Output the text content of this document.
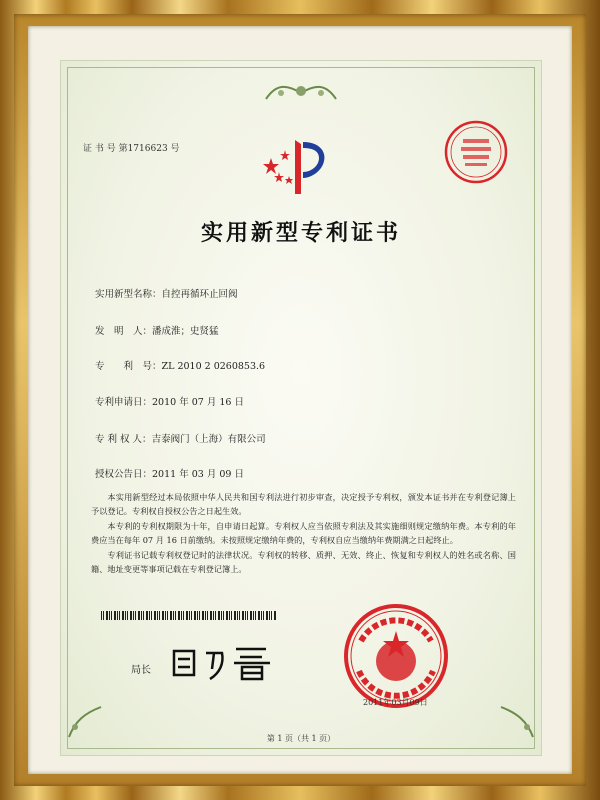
证 书 号 第1716623 号
实用新型专利证书
实用新型名称：自控再循环止回阀
发　明　人：潘成淮；史贤猛
专　　利　号：ZL 2010 2 0260853.6
专利申请日：2010 年 07 月 16 日
专 利 权 人：吉泰阀门（上海）有限公司
授权公告日：2011 年 03 月 09 日

本实用新型经过本局依照中华人民共和国专利法进行初步审查，决定授予专利权，颁发本证书并在专利登记簿上予以登记。专利权自授权公告之日起生效。

本专利的专利权期限为十年，自申请日起算。专利权人应当依照专利法及其实施细则规定缴纳年费。本专利的年费应当在每年 07 月 16 日前缴纳。未按照规定缴纳年费的，专利权自应当缴纳年费期满之日起终止。

专利证书记载专利权登记时的法律状况。专利权的转移、质押、无效、终止、恢复和专利权人的姓名或名称、国籍、地址变更等事项记载在专利登记簿上。

局长
2011年03月09日
第 1 页（共 1 页）
